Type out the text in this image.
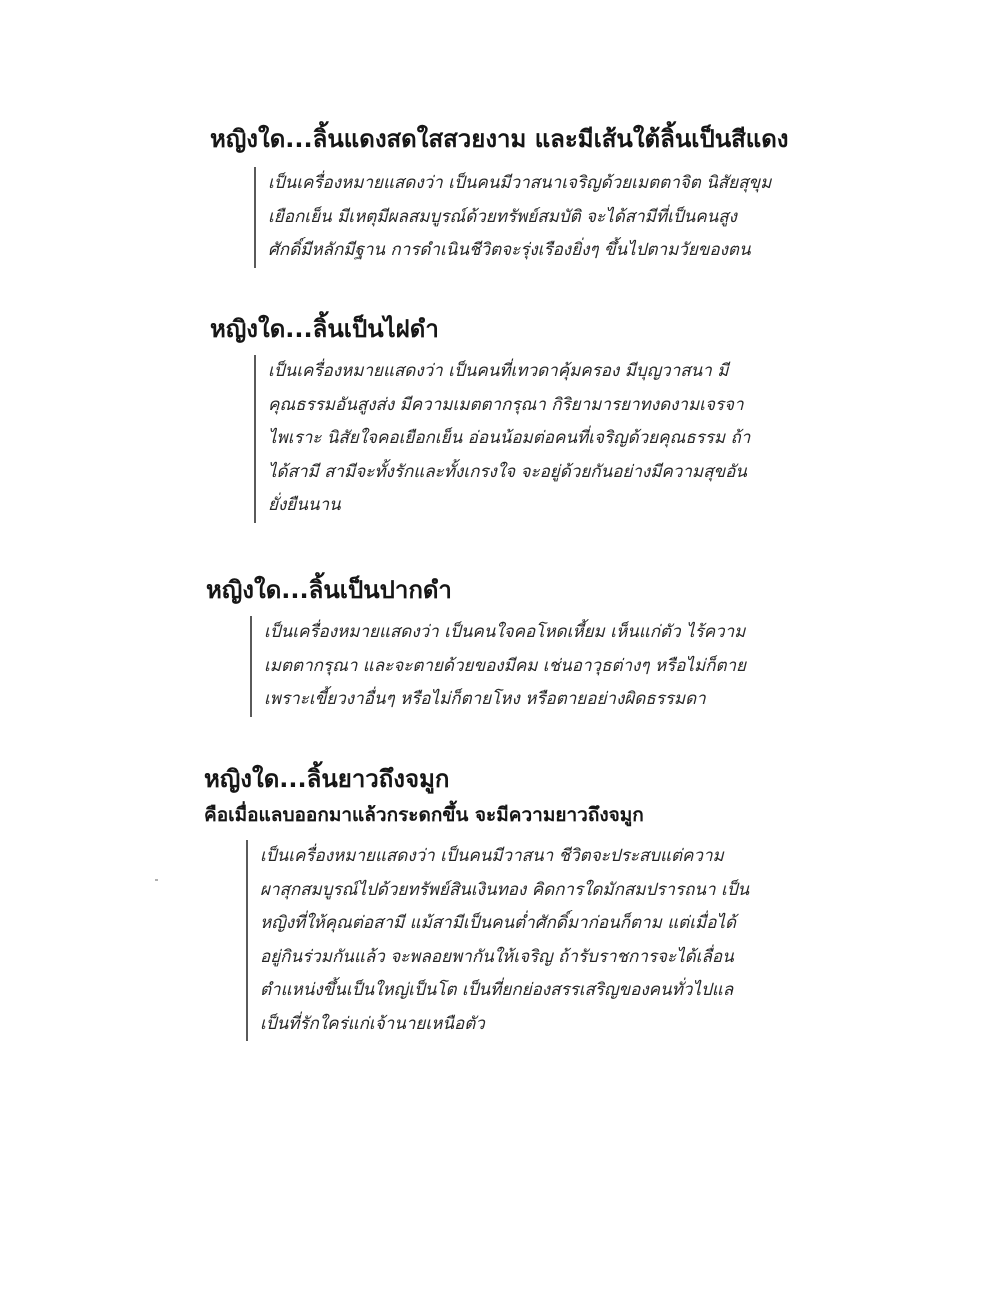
หญิงใด...ลิ้นแดงสดใสสวยงาม และมีเส้นใต้ลิ้นเป็นสีแดง
เป็นเครื่องหมายแสดงว่า เป็นคนมีวาสนาเจริญด้วยเมตตาจิต นิสัยสุขุม
เยือกเย็น มีเหตุมีผลสมบูรณ์ด้วยทรัพย์สมบัติ จะได้สามีที่เป็นคนสูง
ศักดิ์มีหลักมีฐาน การดำเนินชีวิตจะรุ่งเรืองยิ่งๆ ขึ้นไปตามวัยของตน
หญิงใด...ลิ้นเป็นไฝดำ
เป็นเครื่องหมายแสดงว่า เป็นคนที่เทวดาคุ้มครอง มีบุญวาสนา มี
คุณธรรมอันสูงส่ง มีความเมตตากรุณา กิริยามารยาทงดงามเจรจา
ไพเราะ นิสัยใจคอเยือกเย็น อ่อนน้อมต่อคนที่เจริญด้วยคุณธรรม ถ้า
ได้สามี สามีจะทั้งรักและทั้งเกรงใจ จะอยู่ด้วยกันอย่างมีความสุขอัน
ยั่งยืนนาน
หญิงใด...ลิ้นเป็นปากดำ
เป็นเครื่องหมายแสดงว่า เป็นคนใจคอโหดเหี้ยม เห็นแก่ตัว ไร้ความ
เมตตากรุณา และจะตายด้วยของมีคม เช่นอาวุธต่างๆ หรือไม่ก็ตาย
เพราะเขี้ยวงาอื่นๆ หรือไม่ก็ตายโหง หรือตายอย่างผิดธรรมดา
หญิงใด...ลิ้นยาวถึงจมูก
คือเมื่อแลบออกมาแล้วกระดกขึ้น จะมีความยาวถึงจมูก
เป็นเครื่องหมายแสดงว่า เป็นคนมีวาสนา ชีวิตจะประสบแต่ความ
ผาสุกสมบูรณ์ไปด้วยทรัพย์สินเงินทอง คิดการใดมักสมปรารถนา เป็น
หญิงที่ให้คุณต่อสามี แม้สามีเป็นคนต่ำศักดิ์มาก่อนก็ตาม แต่เมื่อได้
อยู่กินร่วมกันแล้ว จะพลอยพากันให้เจริญ ถ้ารับราชการจะได้เลื่อน
ตำแหน่งขึ้นเป็นใหญ่เป็นโต เป็นที่ยกย่องสรรเสริญของคนทั่วไปแล
เป็นที่รักใคร่แก่เจ้านายเหนือตัว
